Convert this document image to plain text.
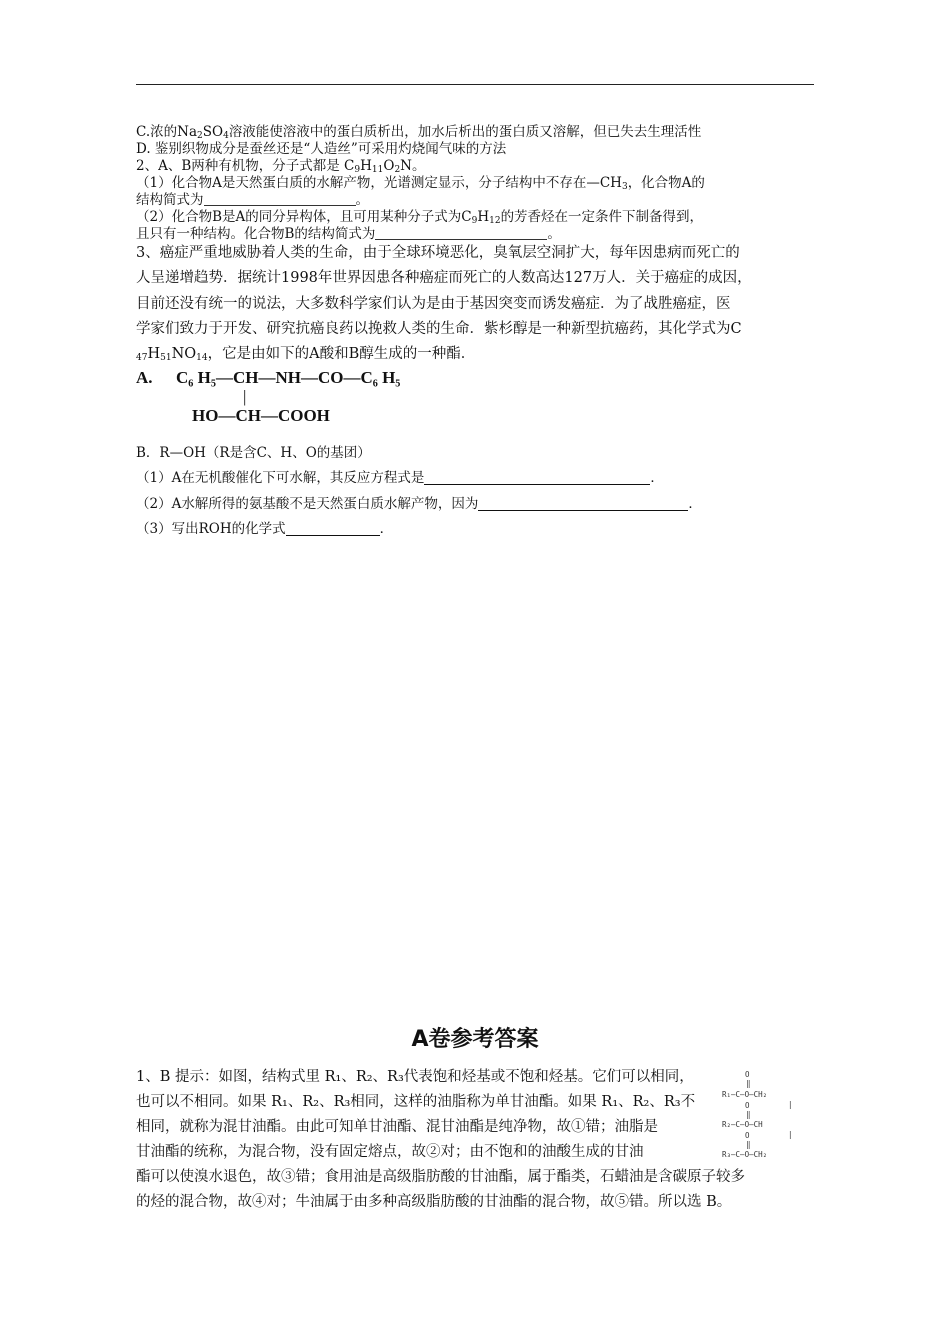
C.浓的$Na_2SO_4$溶液能使溶液中的蛋白质析出，加水后析出的蛋白质又溶解，但已失去生理活性
D. 鉴别织物成分是蚕丝还是“人造丝”可采用灼烧闻气味的方法
2、A、B两种有机物，分子式都是 $C_9H_{11}O_2N$。
（1）化合物A是天然蛋白质的水解产物，光谱测定显示，分子结构中不存在$—CH_3$，化合物A的
结构简式为	。
（2）化合物B是A的同分异构体，且可用某种分子式为$C_9H_{12}$的芳香烃在一定条件下制备得到，
且只有一种结构。化合物B的结构简式为	。
3、癌症严重地威胁着人类的生命，由于全球环境恶化，臭氧层空洞扩大，每年因患病而死亡的
人呈递增趋势．据统计1998年世界因患各种癌症而死亡的人数高达127万人．关于癌症的成因，
目前还没有统一的说法，大多数科学家们认为是由于基因突变而诱发癌症．为了战胜癌症，医
学家们致力于开发、研究抗癌良药以挽救人类的生命．紫杉醇是一种新型抗癌药，其化学式为C
$_{47}H_{51}NO_{14}$，它是由如下的A酸和B醇生成的一种酯．
A. C₆ H₅—CH—NH—CO—C₆ H₅
|
HO—CH—COOH
B．R—OH（R是含C、H、O的基团）
（1）A在无机酸催化下可水解，其反应方程式是	．
（2）A水解所得的氨基酸不是天然蛋白质水解产物，因为	．
（3）写出ROH的化学式	．
A卷参考答案
1、B 提示：如图，结构式里 R₁、R₂、R₃代表饱和烃基或不饱和烃基。它们可以相同，
也可以不相同。如果 R₁、R₂、R₃相同，这样的油脂称为单甘油酯。如果 R₁、R₂、R₃不
相同，就称为混甘油酯。由此可知单甘油酯、混甘油酯是纯净物，故①错；油脂是
甘油酯的统称，为混合物，没有固定熔点，故②对；由不饱和的油酸生成的甘油
酯可以使溴水退色，故③错；食用油是高级脂肪酸的甘油酯，属于酯类，石蜡油是含碳原子较多
的烃的混合物，故④对；牛油属于由多种高级脂肪酸的甘油酯的混合物，故⑤错。所以选 B。
O
‖
R₁—C—O—CH₂
O
‖
R₂—C—O—CH
O
‖
R₃—C—O—CH₂
|
|
